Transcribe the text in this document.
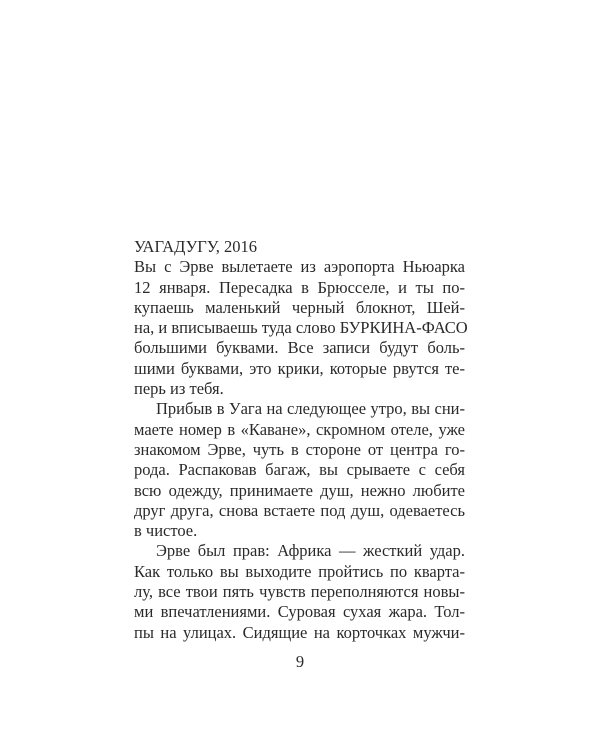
УАГАДУГУ, 2016
Вы с Эрве вылетаете из аэропорта Ньюарка
12 января. Пересадка в Брюсселе, и ты по-
купаешь маленький черный блокнот, Шей-
на, и вписываешь туда слово БУРКИНА-ФАСО
большими буквами. Все записи будут боль-
шими буквами, это крики, которые рвутся те-
перь из тебя.
Прибыв в Уага на следующее утро, вы сни-
маете номер в «Каване», скромном отеле, уже
знакомом Эрве, чуть в стороне от центра го-
рода. Распаковав багаж, вы срываете с себя
всю одежду, принимаете душ, нежно любите
друг друга, снова встаете под душ, одеваетесь
в чистое.
Эрве был прав: Африка — жесткий удар.
Как только вы выходите пройтись по кварта-
лу, все твои пять чувств переполняются новы-
ми впечатлениями. Суровая сухая жара. Тол-
пы на улицах. Сидящие на корточках мужчи-
9
